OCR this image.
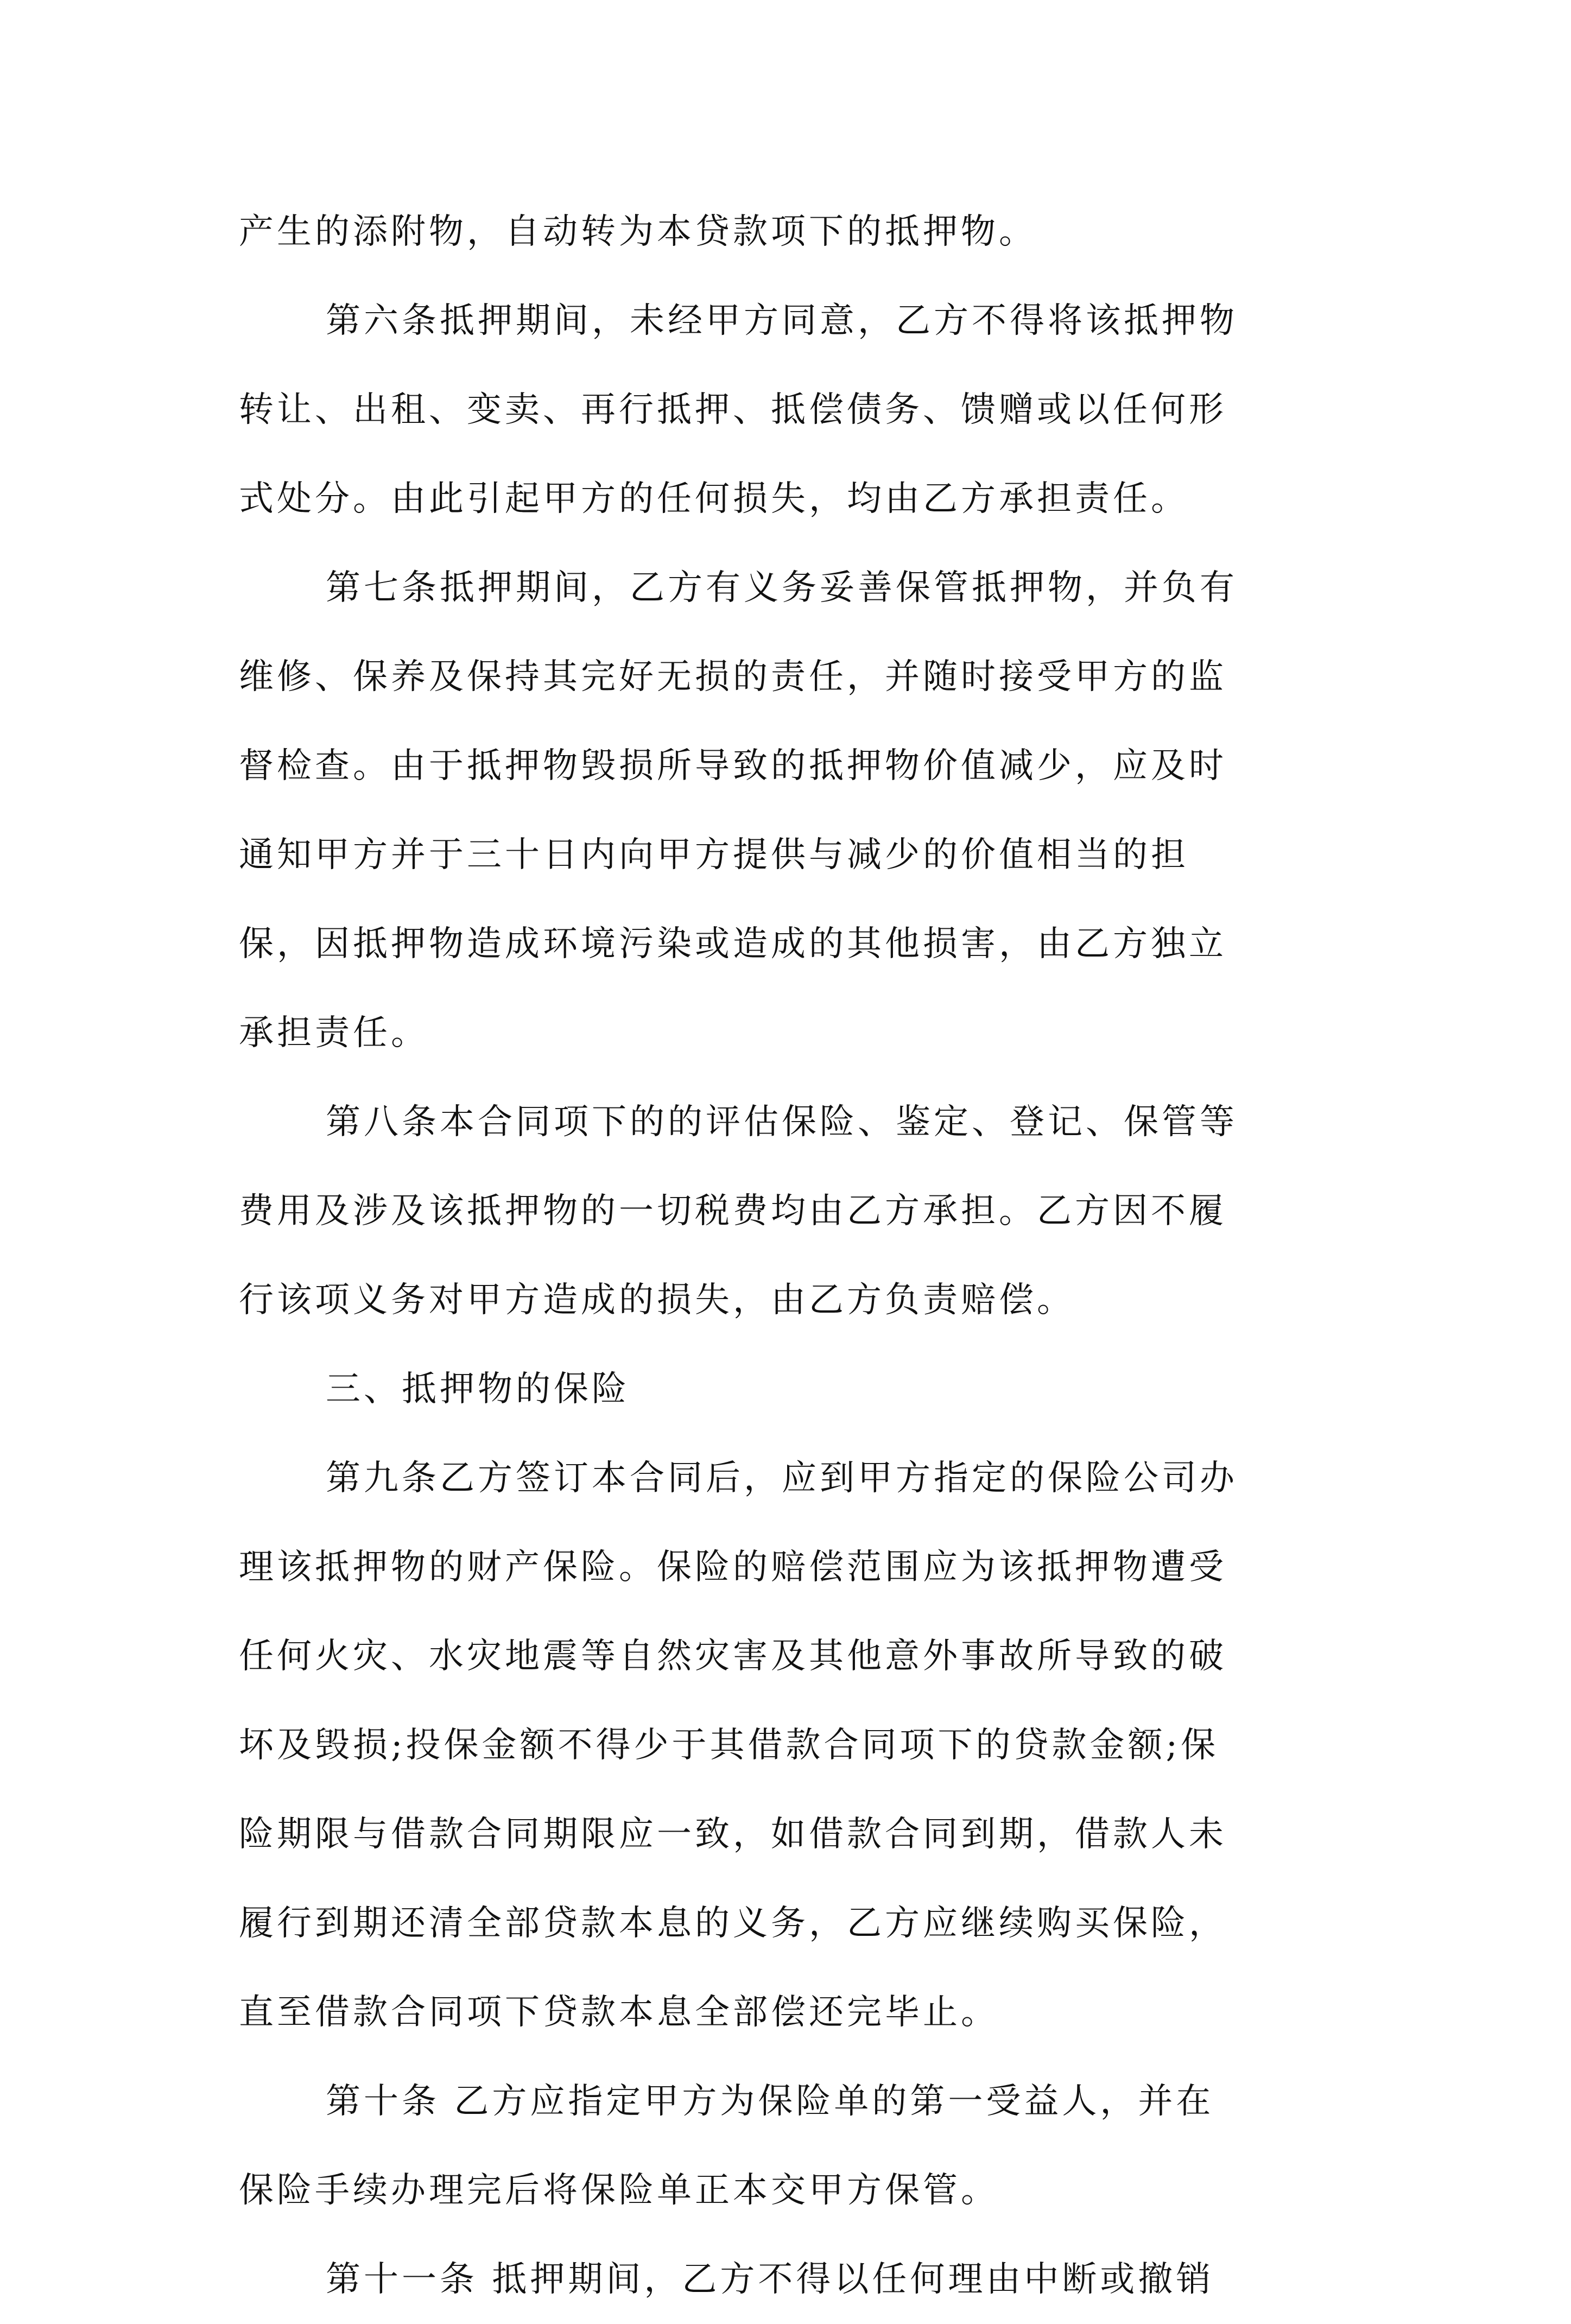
产生的添附物，自动转为本贷款项下的抵押物。
第六条抵押期间，未经甲方同意，乙方不得将该抵押物
转让、出租、变卖、再行抵押、抵偿债务、馈赠或以任何形
式处分。由此引起甲方的任何损失，均由乙方承担责任。
第七条抵押期间，乙方有义务妥善保管抵押物，并负有
维修、保养及保持其完好无损的责任，并随时接受甲方的监
督检查。由于抵押物毁损所导致的抵押物价值减少，应及时
通知甲方并于三十日内向甲方提供与减少的价值相当的担
保，因抵押物造成环境污染或造成的其他损害，由乙方独立
承担责任。
第八条本合同项下的的评估保险、鉴定、登记、保管等
费用及涉及该抵押物的一切税费均由乙方承担。乙方因不履
行该项义务对甲方造成的损失，由乙方负责赔偿。
三、抵押物的保险
第九条乙方签订本合同后，应到甲方指定的保险公司办
理该抵押物的财产保险。保险的赔偿范围应为该抵押物遭受
任何火灾、水灾地震等自然灾害及其他意外事故所导致的破
坏及毁损;投保金额不得少于其借款合同项下的贷款金额;保
险期限与借款合同期限应一致，如借款合同到期，借款人未
履行到期还清全部贷款本息的义务，乙方应继续购买保险，
直至借款合同项下贷款本息全部偿还完毕止。
第十条 乙方应指定甲方为保险单的第一受益人，并在
保险手续办理完后将保险单正本交甲方保管。
第十一条 抵押期间，乙方不得以任何理由中断或撤销
